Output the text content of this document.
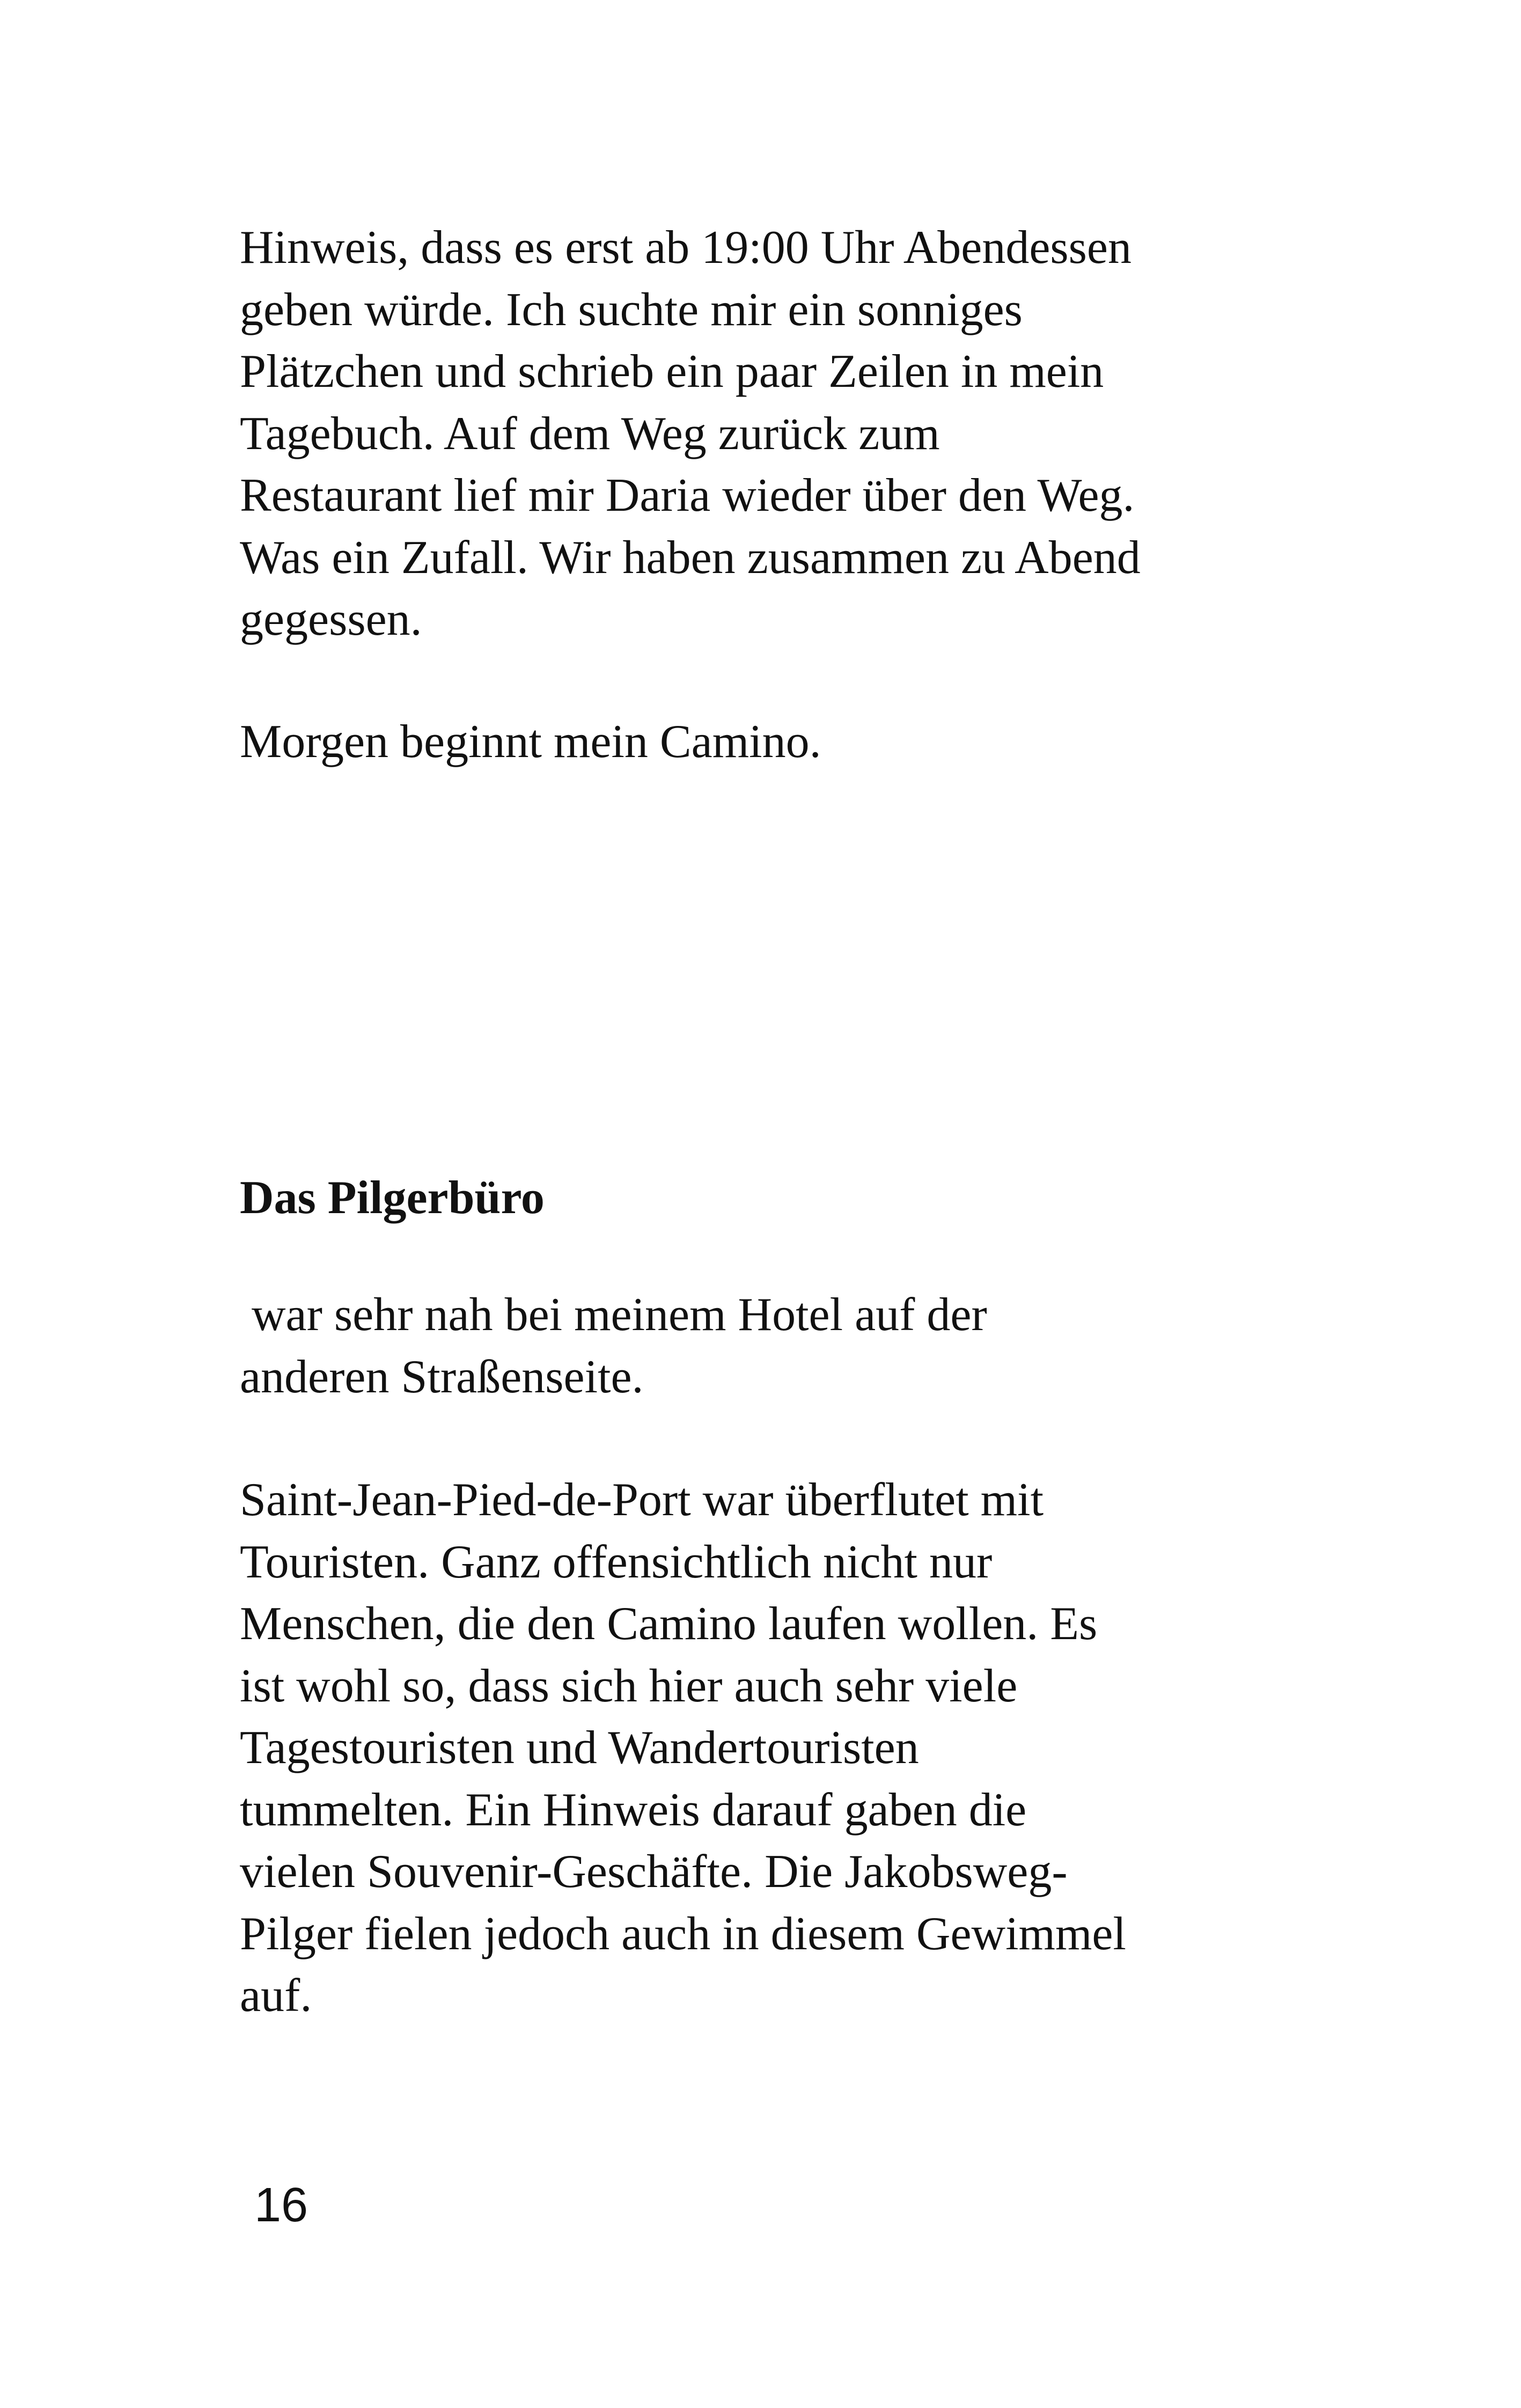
Hinweis, dass es erst ab 19:00 Uhr Abendessen
geben würde. Ich suchte mir ein sonniges
Plätzchen und schrieb ein paar Zeilen in mein
Tagebuch. Auf dem Weg zurück zum
Restaurant lief mir Daria wieder über den Weg.
Was ein Zufall. Wir haben zusammen zu Abend
gegessen.

Morgen beginnt mein Camino.

Das Pilgerbüro

war sehr nah bei meinem Hotel auf der
anderen Straßenseite.

Saint-Jean-Pied-de-Port war überflutet mit
Touristen. Ganz offensichtlich nicht nur
Menschen, die den Camino laufen wollen. Es
ist wohl so, dass sich hier auch sehr viele
Tagestouristen und Wandertouristen
tummelten. Ein Hinweis darauf gaben die
vielen Souvenir-Geschäfte. Die Jakobsweg-
Pilger fielen jedoch auch in diesem Gewimmel
auf.

16
